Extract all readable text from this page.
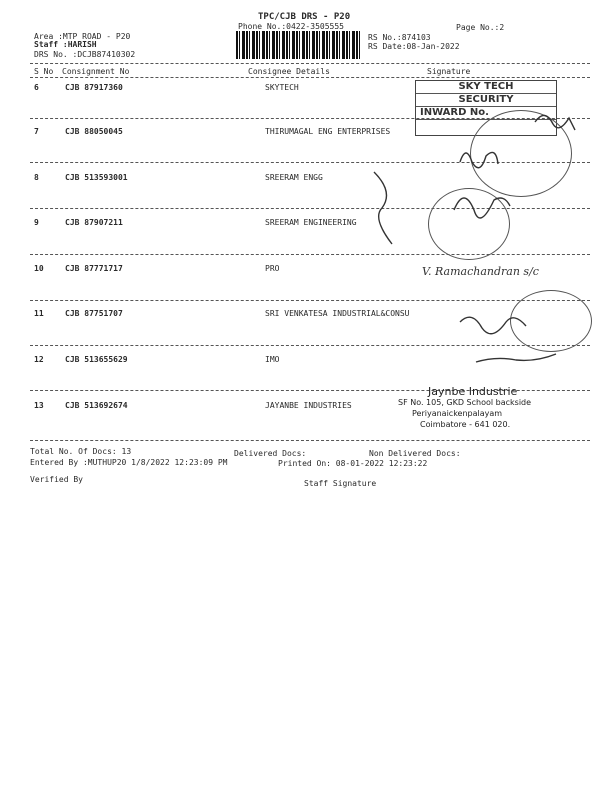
TPC/CJB DRS - P20
Phone No.:0422-3505555	Page No.:2
Area :MTP ROAD - P20	RS No.:874103
Staff :HARISH	RS Date:08-Jan-2022
DRS No. :DCJB87410302
S No Consignment No	Consignee Details	Signature
6	CJB 87917360	SKYTECH
7	CJB 88050045	THIRUMAGAL ENG ENTERPRISES
8	CJB 513593001	SREERAM ENGG
9	CJB 87907211	SREERAM ENGINEERING
10	CJB 87771717	PRO
11	CJB 87751707	SRI VENKATESA INDUSTRIAL&CONSU
12	CJB 513655629	IMO
13	CJB 513692674	JAYANBE INDUSTRIES
Total No. Of Docs: 13	Delivered Docs:	Non Delivered Docs:
Entered By :MUTHUP20 1/8/2022 12:23:09 PM	Printed On: 08-01-2022 12:23:22
Verified By	Staff Signature
SKY TECH
SECURITY
INWARD No.
V. Ramachandran s/c
Jaynbe Industrie
SF No. 105, GKD School backside
Periyanaickenpalayam
Coimbatore - 641 020.
